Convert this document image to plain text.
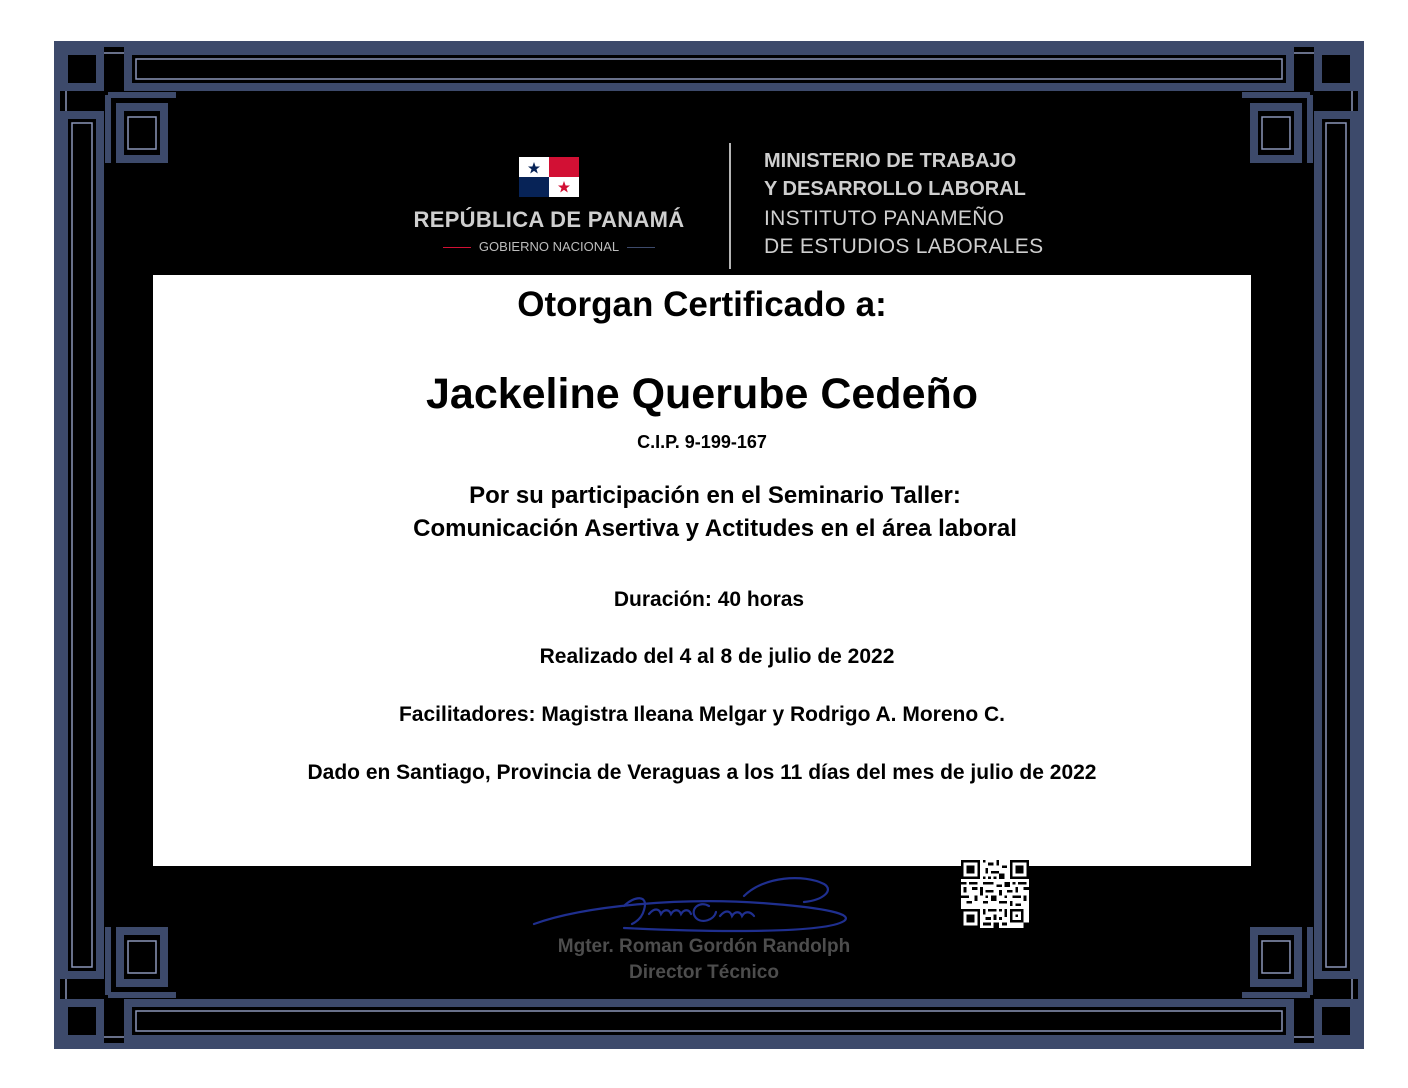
REPÚBLICA DE PANAMÁ
GOBIERNO NACIONAL
MINISTERIO DE TRABAJO
Y DESARROLLO LABORAL
INSTITUTO PANAMEÑO
DE ESTUDIOS LABORALES
Otorgan Certificado a:
Jackeline Querube Cedeño
C.I.P. 9-199-167
Por su participación en el Seminario Taller:
Comunicación Asertiva y Actitudes en el área laboral
Duración: 40 horas
Realizado del 4 al 8 de julio de 2022
Facilitadores: Magistra Ileana Melgar y Rodrigo A. Moreno C.
Dado en Santiago, Provincia de Veraguas a los 11 días del mes de julio de 2022
Mgter. Roman Gordón Randolph
Director Técnico
